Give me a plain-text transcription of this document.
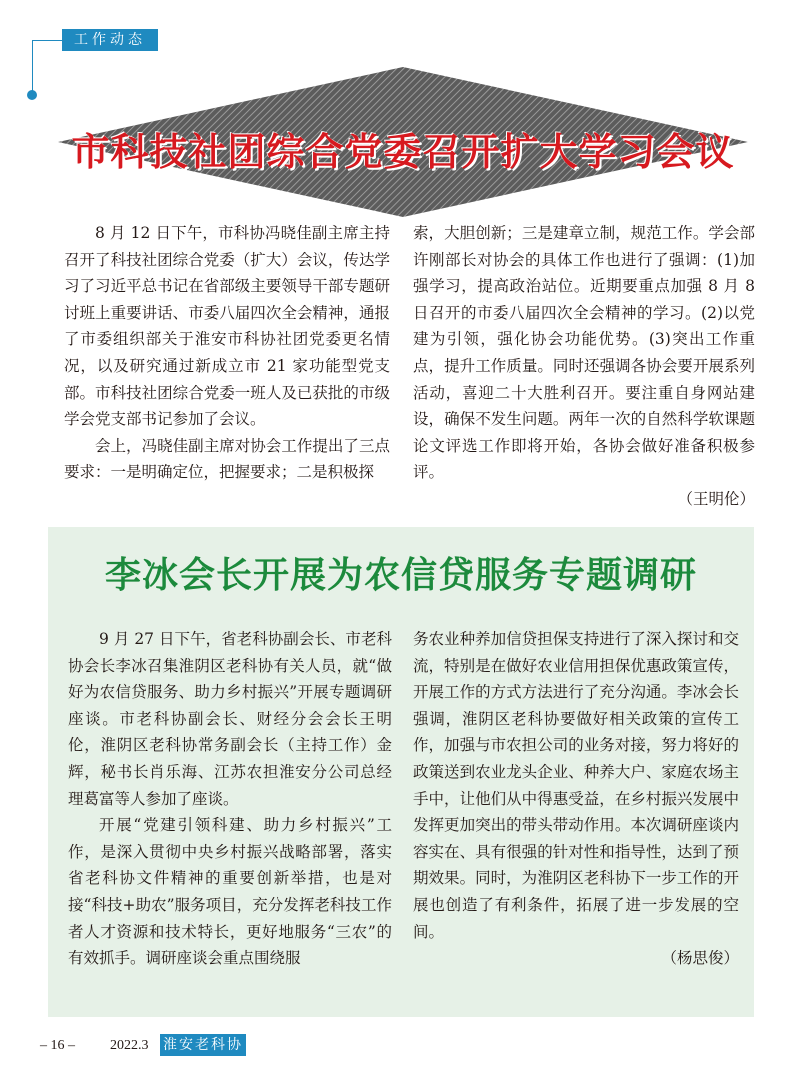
工作动态
市科技社团综合党委召开扩大学习会议

8 月 12 日下午，市科协冯晓佳副主席主持召开了科技社团综合党委（扩大）会议，传达学习了习近平总书记在省部级主要领导干部专题研讨班上重要讲话、市委八届四次全会精神，通报了市委组织部关于淮安市科协社团党委更名情况，以及研究通过新成立市 21 家功能型党支部。市科技社团综合党委一班人及已获批的市级学会党支部书记参加了会议。

会上，冯晓佳副主席对协会工作提出了三点要求：一是明确定位，把握要求；二是积极探

索，大胆创新；三是建章立制，规范工作。学会部许刚部长对协会的具体工作也进行了强调：(1)加强学习，提高政治站位。近期要重点加强 8 月 8 日召开的市委八届四次全会精神的学习。(2)以党建为引领，强化协会功能优势。(3)突出工作重点，提升工作质量。同时还强调各协会要开展系列活动，喜迎二十大胜利召开。要注重自身网站建设，确保不发生问题。两年一次的自然科学软课题论文评选工作即将开始，各协会做好准备积极参评。

（王明伦）

李冰会长开展为农信贷服务专题调研

9 月 27 日下午，省老科协副会长、市老科协会长李冰召集淮阴区老科协有关人员，就“做好为农信贷服务、助力乡村振兴”开展专题调研座谈。市老科协副会长、财经分会会长王明伦，淮阴区老科协常务副会长（主持工作）金辉，秘书长肖乐海、江苏农担淮安分公司总经理葛富等人参加了座谈。

开展“党建引领科建、助力乡村振兴”工作，是深入贯彻中央乡村振兴战略部署，落实省老科协文件精神的重要创新举措，也是对接“科技+助农”服务项目，充分发挥老科技工作者人才资源和技术特长，更好地服务“三农”的有效抓手。调研座谈会重点围绕服

务农业种养加信贷担保支持进行了深入探讨和交流，特别是在做好农业信用担保优惠政策宣传，开展工作的方式方法进行了充分沟通。李冰会长强调，淮阴区老科协要做好相关政策的宣传工作，加强与市农担公司的业务对接，努力将好的政策送到农业龙头企业、种养大户、家庭农场主手中，让他们从中得惠受益，在乡村振兴发展中发挥更加突出的带头带动作用。本次调研座谈内容实在、具有很强的针对性和指导性，达到了预期效果。同时，为淮阴区老科协下一步工作的开展也创造了有利条件，拓展了进一步发展的空间。

（杨思俊）

– 16 –	2022.3 淮安老科协
